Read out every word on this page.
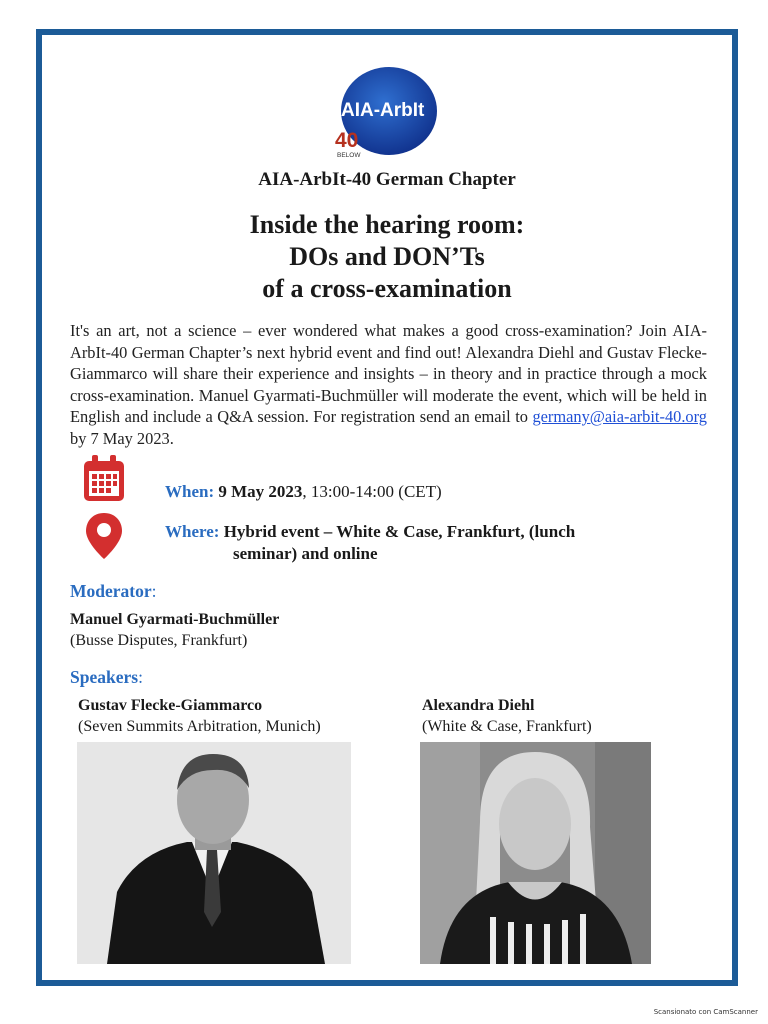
AIA-ArbIt
40
BELOW
AIA-ArbIt-40 German Chapter
Inside the hearing room:
DOs and DON’Ts
of a cross-examination
It's an art, not a science – ever wondered what makes a good cross-examination? Join AIA-ArbIt-40 German Chapter’s next hybrid event and find out! Alexandra Diehl and Gustav Flecke-Giammarco will share their experience and insights – in theory and in practice through a mock cross-examination. Manuel Gyarmati-Buchmüller will moderate the event, which will be held in English and include a Q&A session. For registration send an email to germany@aia-arbit-40.org by 7 May 2023.
When: 9 May 2023, 13:00-14:00 (CET)
Where: Hybrid event – White & Case, Frankfurt, (lunch
seminar) and online
Moderator:
Manuel Gyarmati-Buchmüller
(Busse Disputes, Frankfurt)
Speakers:
Gustav Flecke-Giammarco
(Seven Summits Arbitration, Munich)
Alexandra Diehl
(White & Case, Frankfurt)
Scansionato con CamScanner
